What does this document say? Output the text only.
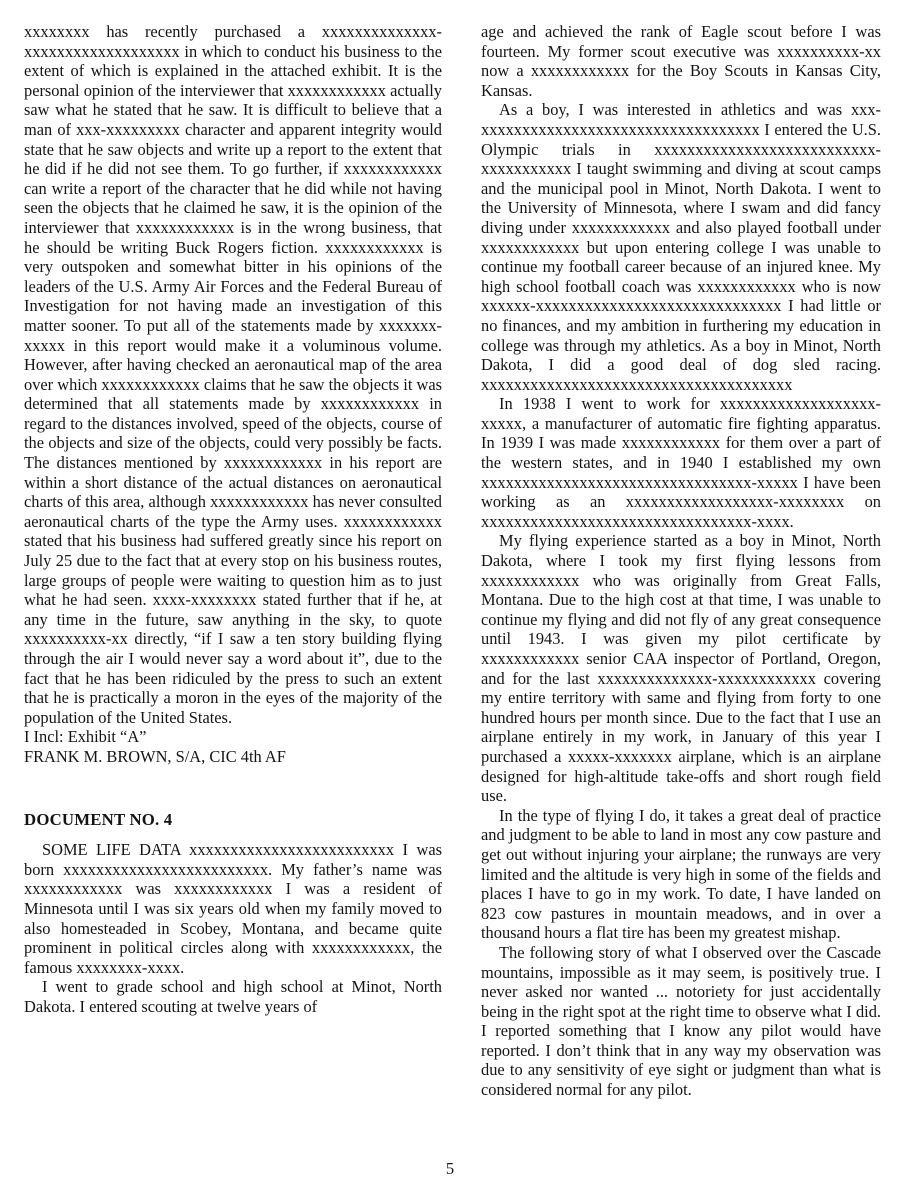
xxxxxxxx has recently purchased a xxxxxxxxxxxxxx-xxxxxxxxxxxxxxxxxxx in which to conduct his business to the extent of which is explained in the attached exhibit. It is the personal opinion of the interviewer that xxxxxxxxxxxx actually saw what he stated that he saw. It is difficult to believe that a man of xxx-xxxxxxxxx character and apparent integrity would state that he saw objects and write up a report to the extent that he did if he did not see them. To go further, if xxxxxxxxxxxx can write a report of the character that he did while not having seen the objects that he claimed he saw, it is the opinion of the interviewer that xxxxxxxxxxxx is in the wrong business, that he should be writing Buck Rogers fiction. xxxxxxxxxxxx is very outspoken and somewhat bitter in his opinions of the leaders of the U.S. Army Air Forces and the Federal Bureau of Investigation for not having made an investigation of this matter sooner. To put all of the statements made by xxxxxxx-xxxxx in this report would make it a voluminous volume. However, after having checked an aeronautical map of the area over which xxxxxxxxxxxx claims that he saw the objects it was determined that all statements made by xxxxxxxxxxxx in regard to the distances involved, speed of the objects, course of the objects and size of the objects, could very possibly be facts. The distances mentioned by xxxxxxxxxxxx in his report are within a short distance of the actual distances on aeronautical charts of this area, although xxxxxxxxxxxx has never consulted aeronautical charts of the type the Army uses. xxxxxxxxxxxx stated that his business had suffered greatly since his report on July 25 due to the fact that at every stop on his business routes, large groups of people were waiting to question him as to just what he had seen. xxxx-xxxxxxxx stated further that if he, at any time in the future, saw anything in the sky, to quote xxxxxxxxxx-xx directly, “if I saw a ten story building flying through the air I would never say a word about it”, due to the fact that he has been ridiculed by the press to such an extent that he is practically a moron in the eyes of the majority of the population of the United States.

I Incl: Exhibit “A”

FRANK M. BROWN, S/A, CIC 4th AF

DOCUMENT NO. 4

SOME LIFE DATA xxxxxxxxxxxxxxxxxxxxxxxxx I was born xxxxxxxxxxxxxxxxxxxxxxxxx. My father’s name was xxxxxxxxxxxx was xxxxxxxxxxxx I was a resident of Minnesota until I was six years old when my family moved to also homesteaded in Scobey, Montana, and became quite prominent in political circles along with xxxxxxxxxxxx, the famous xxxxxxxx-xxxx.

I went to grade school and high school at Minot, North Dakota. I entered scouting at twelve years of

age and achieved the rank of Eagle scout before I was fourteen. My former scout executive was xxxxxxxxxx-xx now a xxxxxxxxxxxx for the Boy Scouts in Kansas City, Kansas.

As a boy, I was interested in athletics and was xxx-xxxxxxxxxxxxxxxxxxxxxxxxxxxxxxxxxx I entered the U.S. Olympic trials in xxxxxxxxxxxxxxxxxxxxxxxxxxx-xxxxxxxxxxx I taught swimming and diving at scout camps and the municipal pool in Minot, North Dakota. I went to the University of Minnesota, where I swam and did fancy diving under xxxxxxxxxxxx and also played football under xxxxxxxxxxxx but upon entering college I was unable to continue my football career because of an injured knee. My high school football coach was xxxxxxxxxxxx who is now xxxxxx-xxxxxxxxxxxxxxxxxxxxxxxxxxxxxx I had little or no finances, and my ambition in furthering my education in college was through my athletics. As a boy in Minot, North Dakota, I did a good deal of dog sled racing. xxxxxxxxxxxxxxxxxxxxxxxxxxxxxxxxxxxxxx

In 1938 I went to work for xxxxxxxxxxxxxxxxxxx-xxxxx, a manufacturer of automatic fire fighting apparatus. In 1939 I was made xxxxxxxxxxxx for them over a part of the western states, and in 1940 I established my own xxxxxxxxxxxxxxxxxxxxxxxxxxxxxxxxx-xxxxx I have been working as an xxxxxxxxxxxxxxxxxx-xxxxxxxx on xxxxxxxxxxxxxxxxxxxxxxxxxxxxxxxxx-xxxx.

My flying experience started as a boy in Minot, North Dakota, where I took my first flying lessons from xxxxxxxxxxxx who was originally from Great Falls, Montana. Due to the high cost at that time, I was unable to continue my flying and did not fly of any great consequence until 1943. I was given my pilot certificate by xxxxxxxxxxxx senior CAA inspector of Portland, Oregon, and for the last xxxxxxxxxxxxxx-xxxxxxxxxxxx covering my entire territory with same and flying from forty to one hundred hours per month since. Due to the fact that I use an airplane entirely in my work, in January of this year I purchased a xxxxx-xxxxxxx airplane, which is an airplane designed for high-altitude take-offs and short rough field use.

In the type of flying I do, it takes a great deal of practice and judgment to be able to land in most any cow pasture and get out without injuring your airplane; the runways are very limited and the altitude is very high in some of the fields and places I have to go in my work. To date, I have landed on 823 cow pastures in mountain meadows, and in over a thousand hours a flat tire has been my greatest mishap.

The following story of what I observed over the Cascade mountains, impossible as it may seem, is positively true. I never asked nor wanted ... notoriety for just accidentally being in the right spot at the right time to observe what I did. I reported something that I know any pilot would have reported. I don’t think that in any way my observation was due to any sensitivity of eye sight or judgment than what is considered normal for any pilot.

5
